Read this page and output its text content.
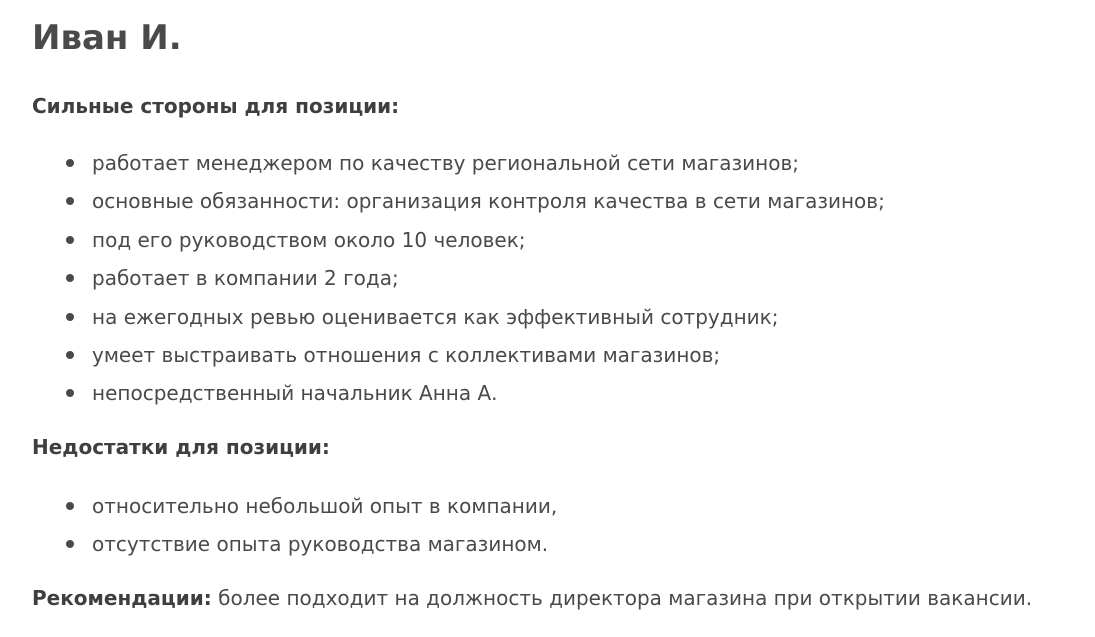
Иван И.
Сильные стороны для позиции:
работает менеджером по качеству региональной сети магазинов;
основные обязанности: организация контроля качества в сети магазинов;
под его руководством около 10 человек;
работает в компании 2 года;
на ежегодных ревью оценивается как эффективный сотрудник;
умеет выстраивать отношения с коллективами магазинов;
непосредственный начальник Анна А.
Недостатки для позиции:
относительно небольшой опыт в компании,
отсутствие опыта руководства магазином.

Рекомендации: более подходит на должность директора магазина при открытии вакансии.
